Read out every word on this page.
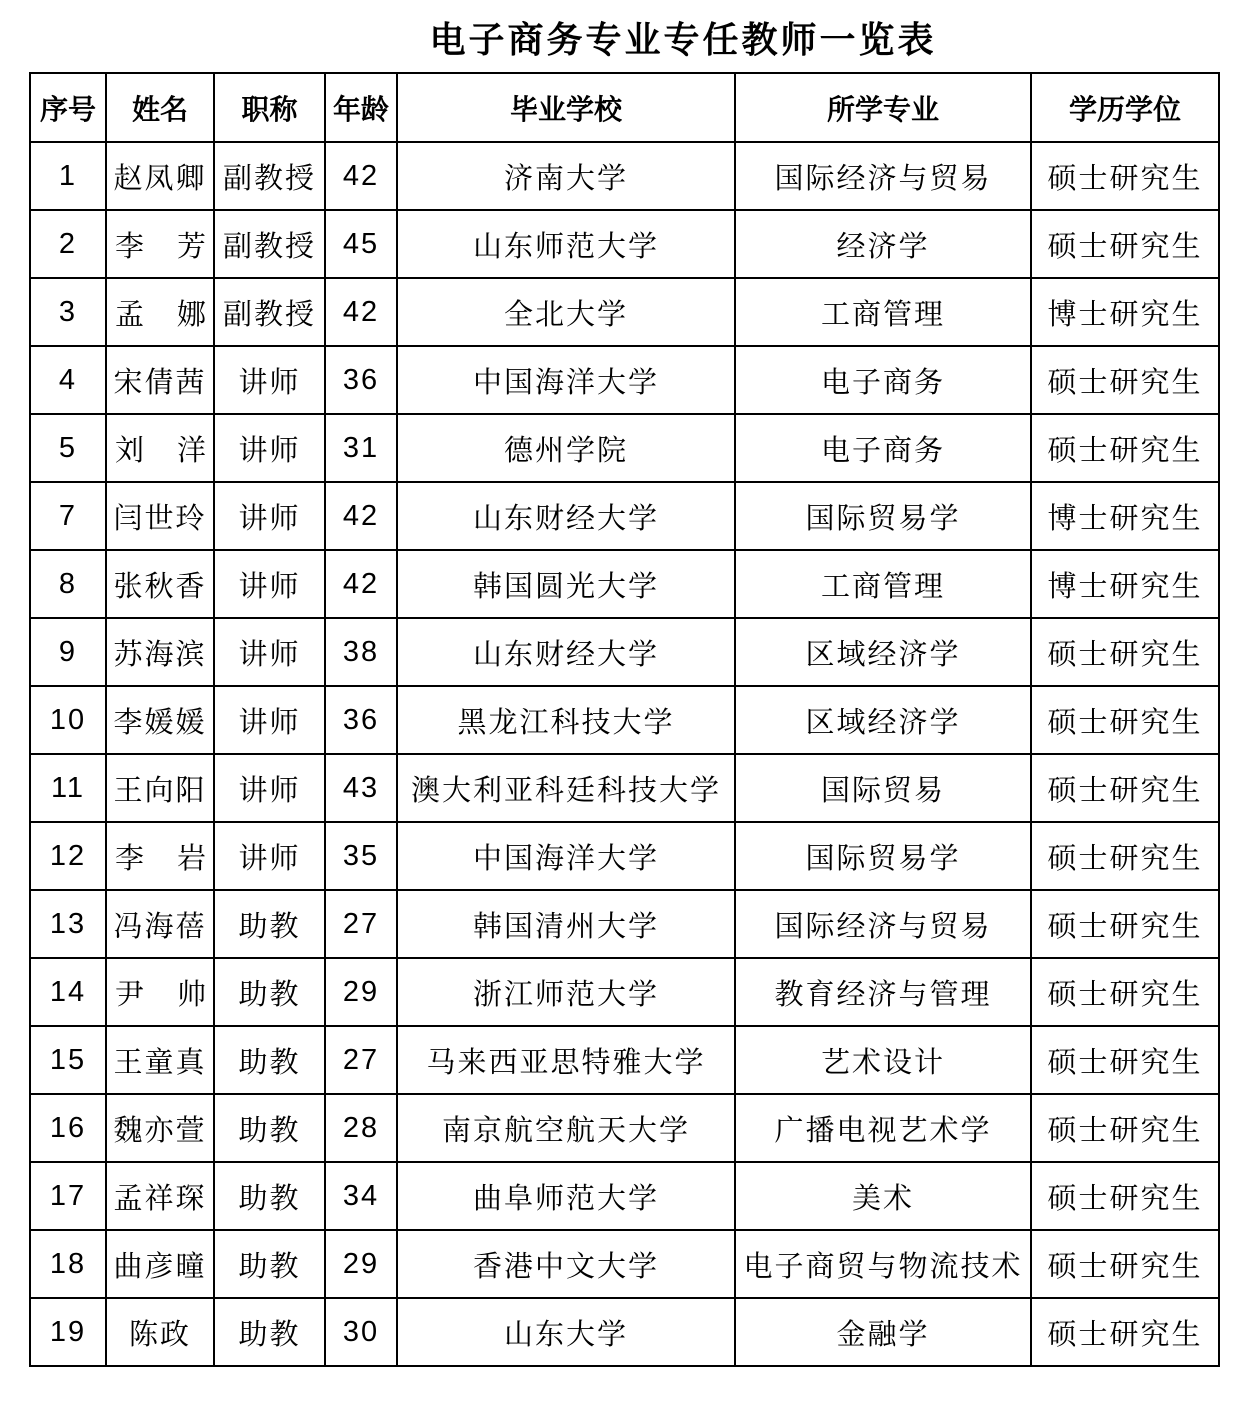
电子商务专业专任教师一览表
序号	姓名	职称	年龄	毕业学校	所学专业	学历学位
1	赵凤卿	副教授	42	济南大学	国际经济与贸易	硕士研究生
2	李　芳	副教授	45	山东师范大学	经济学	硕士研究生
3	孟　娜	副教授	42	全北大学	工商管理	博士研究生
4	宋倩茜	讲师	36	中国海洋大学	电子商务	硕士研究生
5	刘　洋	讲师	31	德州学院	电子商务	硕士研究生
7	闫世玲	讲师	42	山东财经大学	国际贸易学	博士研究生
8	张秋香	讲师	42	韩国圆光大学	工商管理	博士研究生
9	苏海滨	讲师	38	山东财经大学	区域经济学	硕士研究生
10	李媛媛	讲师	36	黑龙江科技大学	区域经济学	硕士研究生
11	王向阳	讲师	43	澳大利亚科廷科技大学	国际贸易	硕士研究生
12	李　岩	讲师	35	中国海洋大学	国际贸易学	硕士研究生
13	冯海蓓	助教	27	韩国清州大学	国际经济与贸易	硕士研究生
14	尹　帅	助教	29	浙江师范大学	教育经济与管理	硕士研究生
15	王童真	助教	27	马来西亚思特雅大学	艺术设计	硕士研究生
16	魏亦萱	助教	28	南京航空航天大学	广播电视艺术学	硕士研究生
17	孟祥琛	助教	34	曲阜师范大学	美术	硕士研究生
18	曲彦曈	助教	29	香港中文大学	电子商贸与物流技术	硕士研究生
19	陈政	助教	30	山东大学	金融学	硕士研究生
